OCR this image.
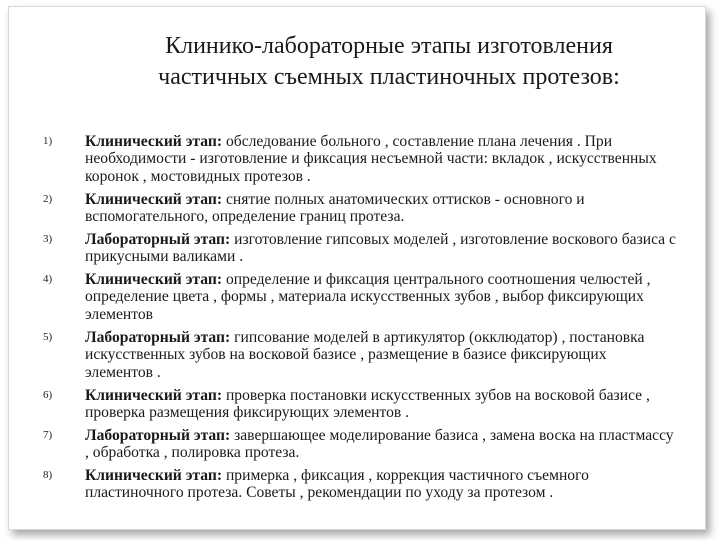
Клинико-лабораторные этапы изготовления
частичных съемных пластиночных протезов:
1) Клинический этап: обследование больного , составление плана лечения . При необходимости - изготовление и фиксация несъемной части: вкладок , искусственных коронок , мостовидных протезов .
2) Клинический этап: снятие полных анатомических оттисков - основного и вспомогательного, определение границ протеза.
3) Лабораторный этап: изготовление гипсовых моделей , изготовление воскового базиса с прикусными валиками .
4) Клинический этап: определение и фиксация центрального соотношения челюстей , определение цвета , формы , материала искусственных зубов , выбор фиксирующих элементов
5) Лабораторный этап: гипсование моделей в артикулятор (окклюдатор) , постановка искусственных зубов на восковой базисе , размещение в базисе фиксирующих элементов .
6) Клинический этап: проверка постановки искусственных зубов на восковой базисе , проверка размещения фиксирующих элементов .
7) Лабораторный этап: завершающее моделирование базиса , замена воска на пластмассу , обработка , полировка протеза.
8) Клинический этап: примерка , фиксация , коррекция частичного съемного пластиночного протеза. Советы , рекомендации по уходу за протезом .
